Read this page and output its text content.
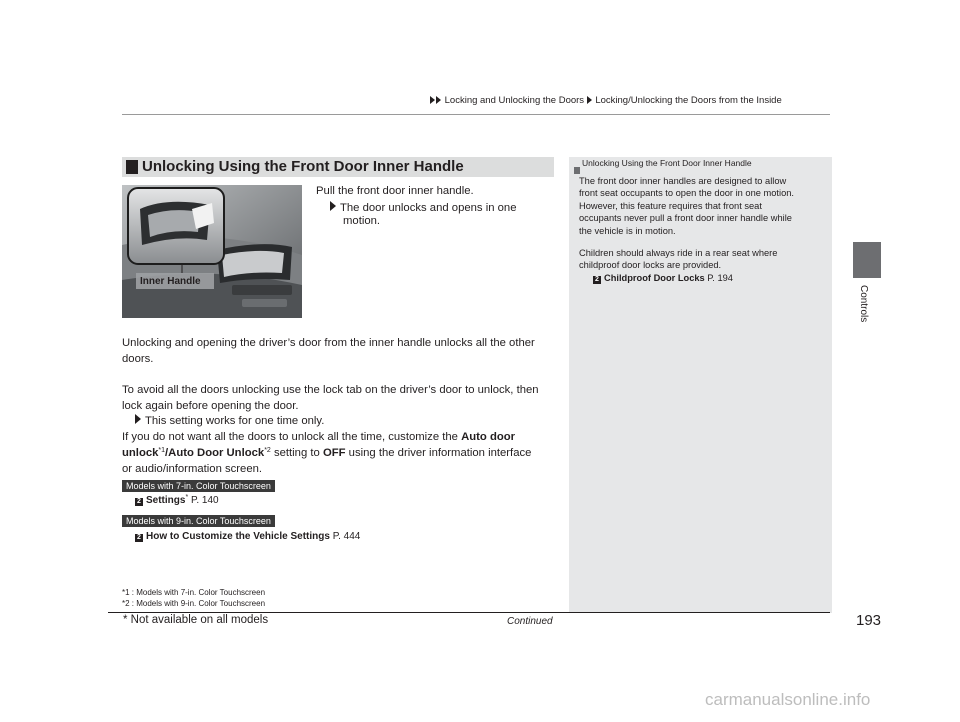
Locking and Unlocking the Doors Locking/Unlocking the Doors from the Inside
Controls
Unlocking Using the Front Door Inner Handle
Inner Handle
Pull the front door inner handle.
The door unlocks and opens in one
motion.
Unlocking and opening the driver’s door from the inner handle unlocks all the other
doors.
To avoid all the doors unlocking use the lock tab on the driver’s door to unlock, then
lock again before opening the door.
This setting works for one time only.
If you do not want all the doors to unlock all the time, customize the Auto door
unlock$^{*1}$/Auto Door Unlock$^{*2}$ setting to OFF using the driver information interface
or audio/information screen.
Models with 7-in. Color Touchscreen
2 Settings* P. 140
Models with 9-in. Color Touchscreen
2 How to Customize the Vehicle Settings P. 444
*1 : Models with 7-in. Color Touchscreen
*2 : Models with 9-in. Color Touchscreen
Unlocking Using the Front Door Inner Handle

The front door inner handles are designed to allow
front seat occupants to open the door in one motion.
However, this feature requires that front seat
occupants never pull a front door inner handle while
the vehicle is in motion.

Children should always ride in a rear seat where
childproof door locks are provided.
2 Childproof Door Locks P. 194

* Not available on all models	Continued	193
carmanualsonline.info
